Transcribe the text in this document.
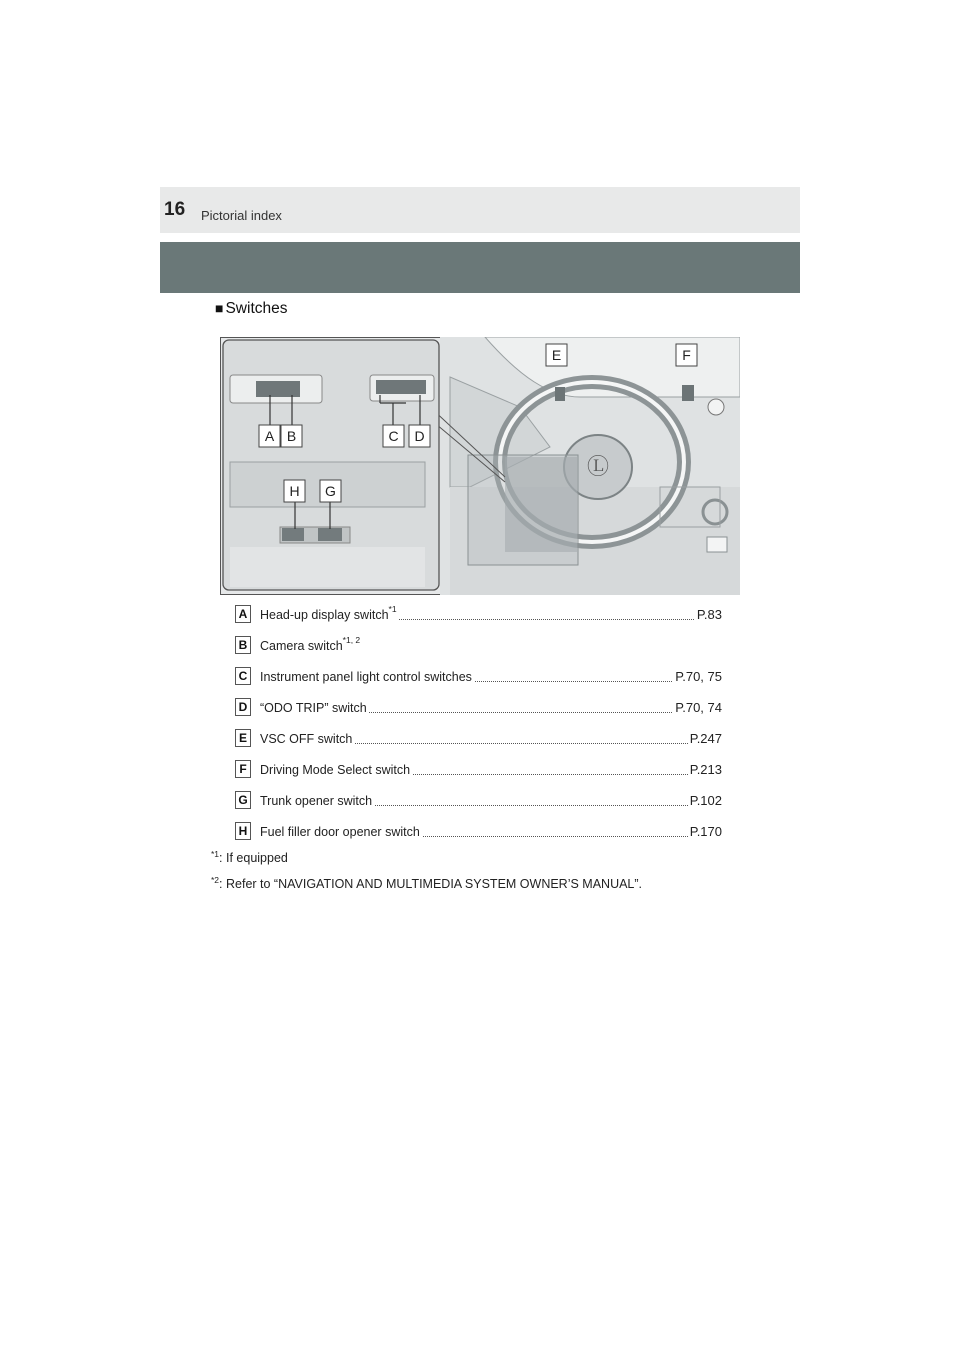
16 Pictorial index
■ Switches
Ⓛ
A B	C D
E	F
G
H
A Head-up display switch$^{*1}$	P.83
B Camera switch$^{*1, 2}$
C Instrument panel light control switches	P.70, 75
D “ODO TRIP” switch	P.70, 74
E	VSC OFF switch	P.247
F	Driving Mode Select switch	P.213
G Trunk opener switch	P.102
H Fuel filler door opener switch	P.170
$^{*1}$: If equipped
$^{*2}$: Refer to “NAVIGATION AND MULTIMEDIA SYSTEM OWNER’S MANUAL”.
